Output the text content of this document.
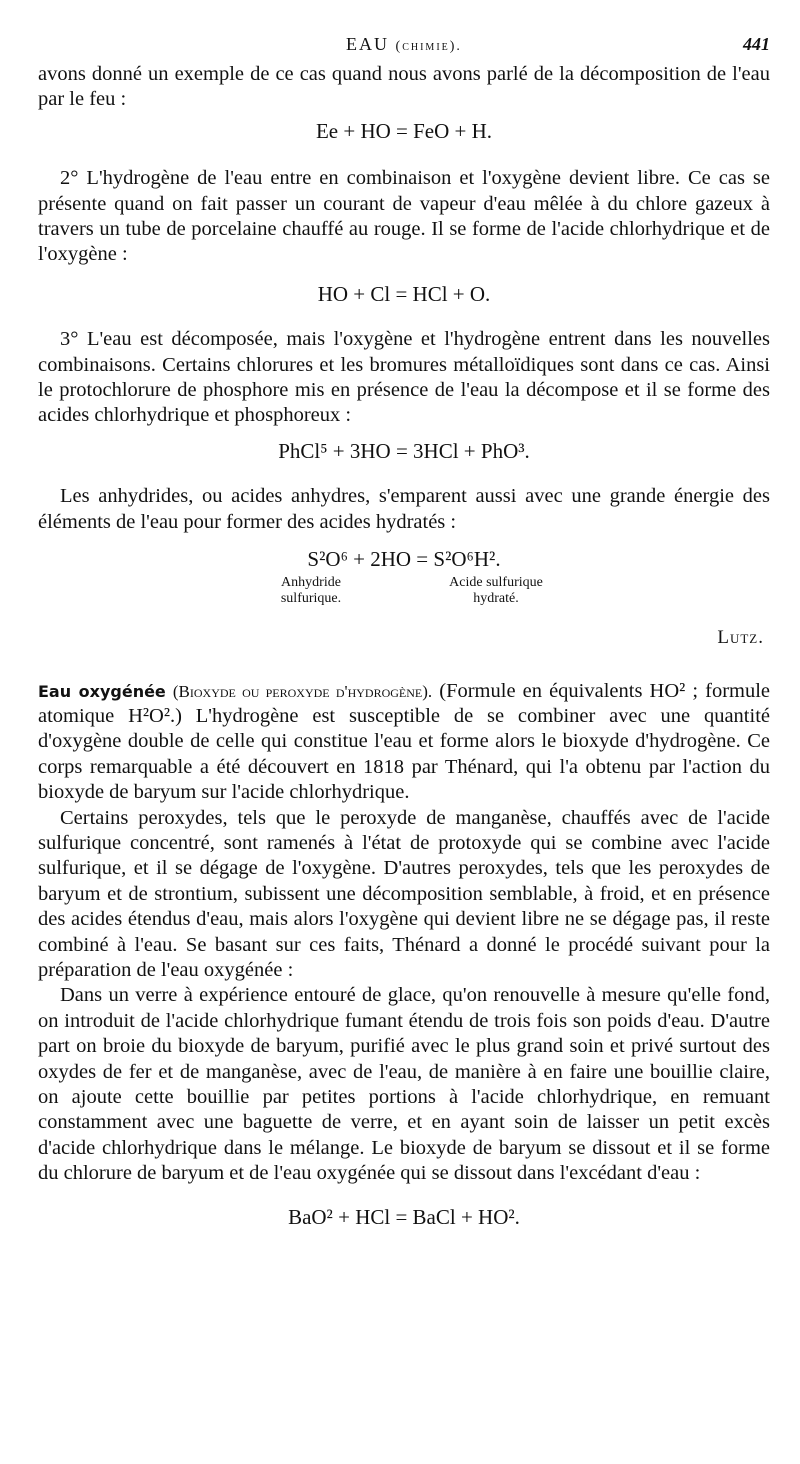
EAU (chimie).	441

avons donné un exemple de ce cas quand nous avons parlé de la décomposition de l'eau par le feu :

Ee + HO = FeO + H.

2° L'hydrogène de l'eau entre en combinaison et l'oxygène devient libre. Ce cas se présente quand on fait passer un courant de vapeur d'eau mêlée à du chlore gazeux à travers un tube de porcelaine chauffé au rouge. Il se forme de l'acide chlorhydrique et de l'oxygène :

HO + Cl = HCl + O.

3° L'eau est décomposée, mais l'oxygène et l'hydrogène entrent dans les nouvelles combinaisons. Certains chlorures et les bromures métalloïdiques sont dans ce cas. Ainsi le protochlorure de phosphore mis en présence de l'eau la décompose et il se forme des acides chlorhydrique et phosphoreux :

PhCl⁵ + 3HO = 3HCl + PhO³.

Les anhydrides, ou acides anhydres, s'emparent aussi avec une grande énergie des éléments de l'eau pour former des acides hydratés :

S²O⁶ + 2HO = S²O⁶H².
Anhydride
sulfurique.
Acide sulfurique
hydraté.
Lutz.

Eau oxygénée (Bioxyde ou peroxyde d'hydrogène). (Formule en équivalents HO² ; formule atomique H²O².) L'hydrogène est susceptible de se combiner avec une quantité d'oxygène double de celle qui constitue l'eau et forme alors le bioxyde d'hydrogène. Ce corps remarquable a été découvert en 1818 par Thénard, qui l'a obtenu par l'action du bioxyde de baryum sur l'acide chlorhydrique.

Certains peroxydes, tels que le peroxyde de manganèse, chauffés avec de l'acide sulfurique concentré, sont ramenés à l'état de protoxyde qui se combine avec l'acide sulfurique, et il se dégage de l'oxygène. D'autres peroxydes, tels que les peroxydes de baryum et de strontium, subissent une décomposition semblable, à froid, et en présence des acides étendus d'eau, mais alors l'oxygène qui devient libre ne se dégage pas, il reste combiné à l'eau. Se basant sur ces faits, Thénard a donné le procédé suivant pour la préparation de l'eau oxygénée :

Dans un verre à expérience entouré de glace, qu'on renouvelle à mesure qu'elle fond, on introduit de l'acide chlorhydrique fumant étendu de trois fois son poids d'eau. D'autre part on broie du bioxyde de baryum, purifié avec le plus grand soin et privé surtout des oxydes de fer et de manganèse, avec de l'eau, de manière à en faire une bouillie claire, on ajoute cette bouillie par petites portions à l'acide chlorhydrique, en remuant constamment avec une baguette de verre, et en ayant soin de laisser un petit excès d'acide chlorhydrique dans le mélange. Le bioxyde de baryum se dissout et il se forme du chlorure de baryum et de l'eau oxygénée qui se dissout dans l'excédant d'eau :

BaO² + HCl = BaCl + HO².
